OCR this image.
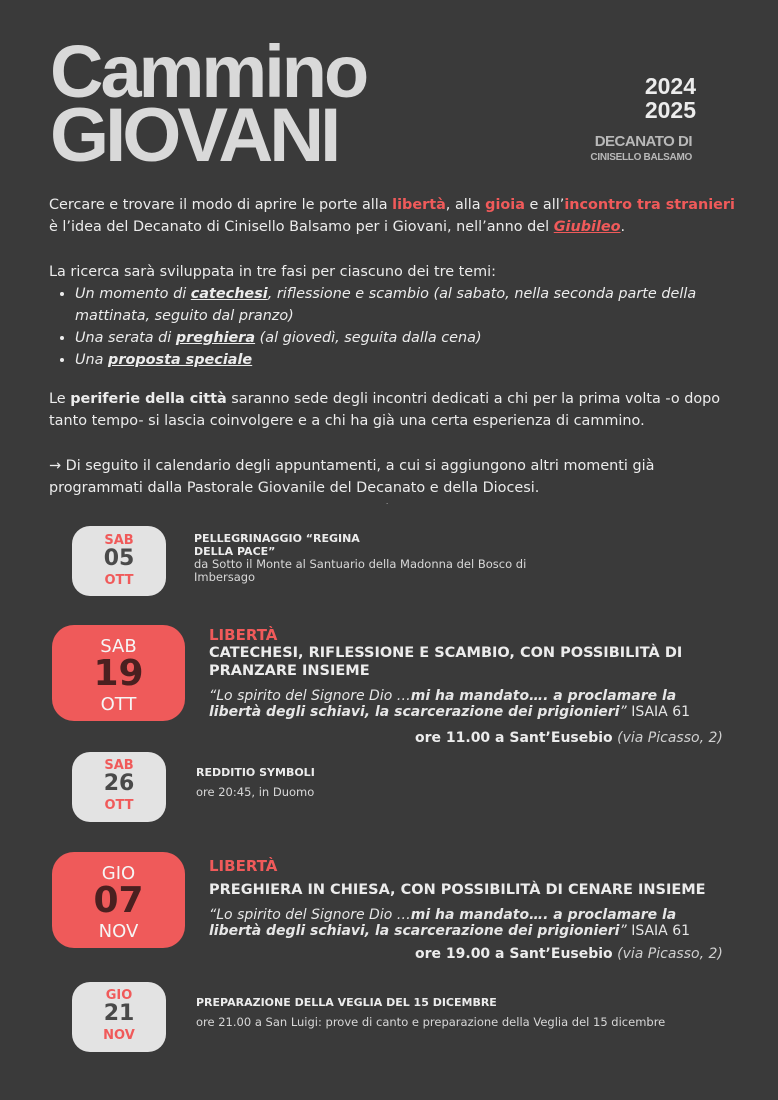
Cammino
GIOVANI
2024
2025
DECANATO DI
CINISELLO BALSAMO
Cercare e trovare il modo di aprire le porte alla libertà, alla gioia e all’incontro tra stranieri è l’idea del Decanato di Cinisello Balsamo per i Giovani, nell’anno del Giubileo.
La ricerca sarà sviluppata in tre fasi per ciascuno dei tre temi:
• Un momento di catechesi, riflessione e scambio (al sabato, nella seconda parte della mattinata, seguito dal pranzo)
• Una serata di preghiera (al giovedì, seguita dalla cena)
• Una proposta speciale
Le periferie della città saranno sede degli incontri dedicati a chi per la prima volta -o dopo tanto tempo- si lascia coinvolgere e a chi ha già una certa esperienza di cammino.
→ Di seguito il calendario degli appuntamenti, a cui si aggiungono altri momenti già programmati dalla Pastorale Giovanile del Decanato e della Diocesi.
.
SAB
05
OTT
PELLEGRINAGGIO “REGINA DELLA PACE”
da Sotto il Monte al Santuario della Madonna del Bosco di Imbersago
SAB
19
OTT
LIBERTÀ
CATECHESI, RIFLESSIONE E SCAMBIO, CON POSSIBILITÀ DI PRANZARE INSIEME
“Lo spirito del Signore Dio …mi ha mandato…. a proclamare la libertà degli schiavi, la scarcerazione dei prigionieri” ISAIA 61
ore 11.00 a Sant’Eusebio (via Picasso, 2)
SAB
26
OTT
REDDITIO SYMBOLI
ore 20:45, in Duomo
GIO
07
NOV
LIBERTÀ
PREGHIERA IN CHIESA, CON POSSIBILITÀ DI CENARE INSIEME
“Lo spirito del Signore Dio …mi ha mandato…. a proclamare la libertà degli schiavi, la scarcerazione dei prigionieri” ISAIA 61
ore 19.00 a Sant’Eusebio (via Picasso, 2)
GIO
21
NOV
PREPARAZIONE DELLA VEGLIA DEL 15 DICEMBRE
ore 21.00 a San Luigi: prove di canto e preparazione della Veglia del 15 dicembre
